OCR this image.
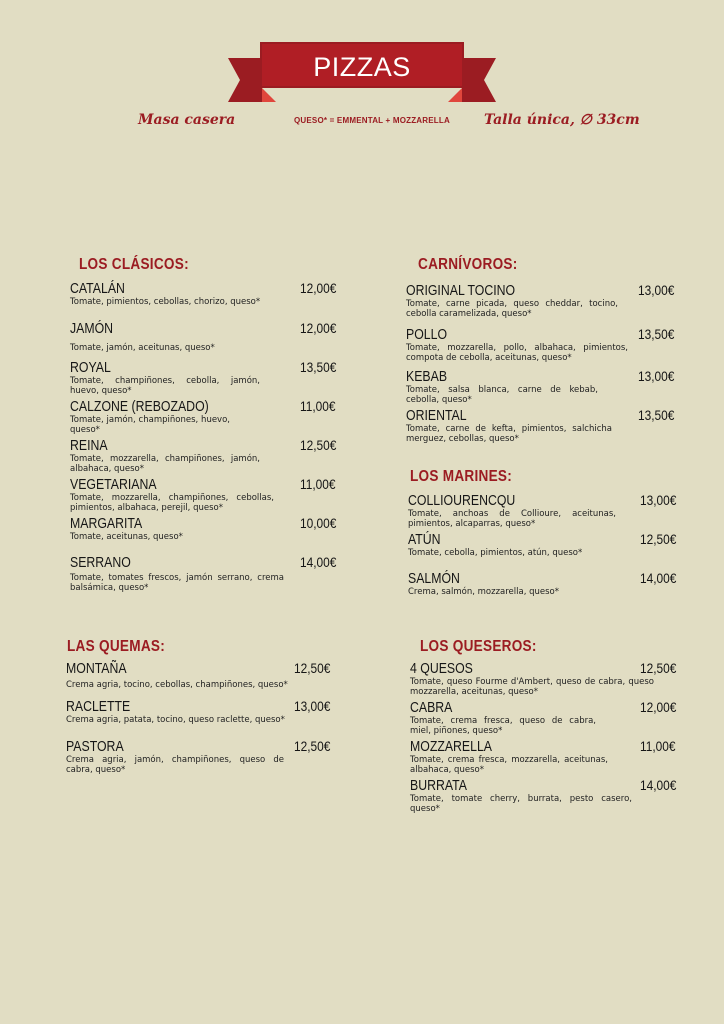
PIZZAS
Masa casera	QUESO* = EMMENTAL + MOZZARELLA Talla única, ∅ 33cm
LOS CLÁSICOS:
CATALÁN	12,00€
Tomate, pimientos, cebollas, chorizo, queso*
JAMÓN	12,00€
Tomate, jamón, aceitunas, queso*
ROYAL	13,50€
Tomate, champiñones, cebolla, jamón, huevo, queso*
CALZONE (REBOZADO)	11,00€
Tomate, jamón, champiñones, huevo, queso*
REINA	12,50€
Tomate, mozzarella, champiñones, jamón, albahaca, queso*
VEGETARIANA	11,00€
Tomate, mozzarella, champiñones, cebollas, pimientos, albahaca, perejil, queso*
MARGARITA	10,00€
Tomate, aceitunas, queso*
SERRANO	14,00€
Tomate, tomates frescos, jamón serrano, crema balsámica, queso*
CARNÍVOROS:
ORIGINAL TOCINO	13,00€
Tomate, carne picada, queso cheddar, tocino, cebolla caramelizada, queso*
POLLO	13,50€
Tomate, mozzarella, pollo, albahaca, pimientos, compota de cebolla, aceitunas, queso*
KEBAB	13,00€
Tomate, salsa blanca, carne de kebab, cebolla, queso*
ORIENTAL	13,50€
Tomate, carne de kefta, pimientos, salchicha merguez, cebollas, queso*
LOS MARINES:
COLLIOURENCQU	13,00€
Tomate, anchoas de Collioure, aceitunas, pimientos, alcaparras, queso*
ATÚN	12,50€
Tomate, cebolla, pimientos, atún, queso*
SALMÓN	14,00€
Crema, salmón, mozzarella, queso*
LAS QUEMAS:
MONTAÑA	12,50€
Crema agria, tocino, cebollas, champiñones, queso*
RACLETTE	13,00€
Crema agria, patata, tocino, queso raclette, queso*
PASTORA	12,50€
Crema agria, jamón, champiñones, queso de cabra, queso*
LOS QUESEROS:
4 QUESOS	12,50€
Tomate, queso Fourme d'Ambert, queso de cabra, queso mozzarella, aceitunas, queso*
CABRA	12,00€
Tomate, crema fresca, queso de cabra, miel, piñones, queso*
MOZZARELLA	11,00€
Tomate, crema fresca, mozzarella, aceitunas, albahaca, queso*
BURRATA	14,00€
Tomate, tomate cherry, burrata, pesto casero, queso*
